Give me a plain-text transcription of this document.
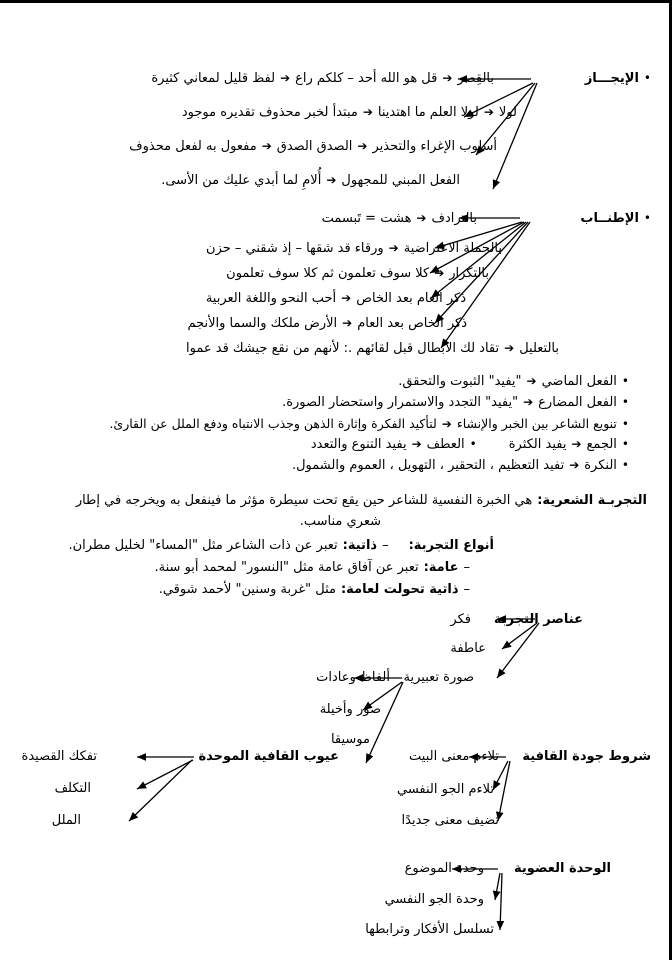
•
الإيجـــاز
بالقِصر
➔
قل هو الله أحد – كلكم راع
➔
لفظ قليل لمعاني كثيرة
لولا
➔
لولا العلم ما اهتدينا
➔
مبتدأ لخبر محذوف تقديره موجود
أسلوب الإغراء والتحذير
➔
الصدق الصدق
➔
مفعول به لفعل محذوف
الفعل المبني للمجهول
➔
أُلامِ لما أبدي عليك من الأسى.
•
الإطنــاب
بالترادف
➔
هشت = تَبسمت
بالجملة الاعتراضية
➔
ورقاء قد شقها – إذ شقني – حزن
بالتكرار
➔
كلا سوف تعلمون ثم كلا سوف تعلمون
ذكر العام بعد الخاص
➔
أحب النحو واللغة العربية
ذكر الخاص بعد العام
➔
الأرض ملكك والسما والأنجم
بالتعليل
➔
تقاد لك الأبطال قبل لقائهم .: لأنهم من نقع جيشك قد عموا
•
الفعل الماضي
➔
"يفيد" الثبوت والتحقق.
•
الفعل المضارع
➔
"يفيد" التجدد والاستمرار واستحضار الصورة.
•
تنويع الشاعر بين الخبر والإنشاء
➔
لتأكيد الفكرة وإثارة الذهن وجذب الانتباه ودفع الملل عن القارئ.
•
الجمع
➔
يفيد الكثرة
•
العطف
➔
يفيد التنوع والتعدد
•
النكرة
➔
تفيد التعظيم ، التحقير ، التهويل ، العموم والشمول.
التجربـة الشعرية:
هي الخبرة النفسية للشاعر حين يقع تحت سيطرة مؤثر ما فينفعل به ويخرجه في إطار
شعري مناسب.
أنواع التجربة:
–
ذاتية:
تعبر عن ذات الشاعر مثل "المساء" لخليل مطران.
–
عامة:
تعبر عن آفاق عامة مثل "النسور" لمحمد أبو سنة.
–
ذاتية تحولت لعامة:
مثل "غربة وسنين" لأحمد شوقي.
عناصر التجربة
فكر
عاطفة
صورة تعبيرية
ألفاظ وعادات
صور وأخيلة
موسيقا
شروط جودة القافية
تلاءم معنى البيت
تلاءم الجو النفسي
تضيف معنى جديدًا
عيوب القافية الموحدة
تفكك القصيدة
التكلف
الملل
الوحدة العضوية
وحدة الموضوع
وحدة الجو النفسي
تسلسل الأفكار وترابطها
